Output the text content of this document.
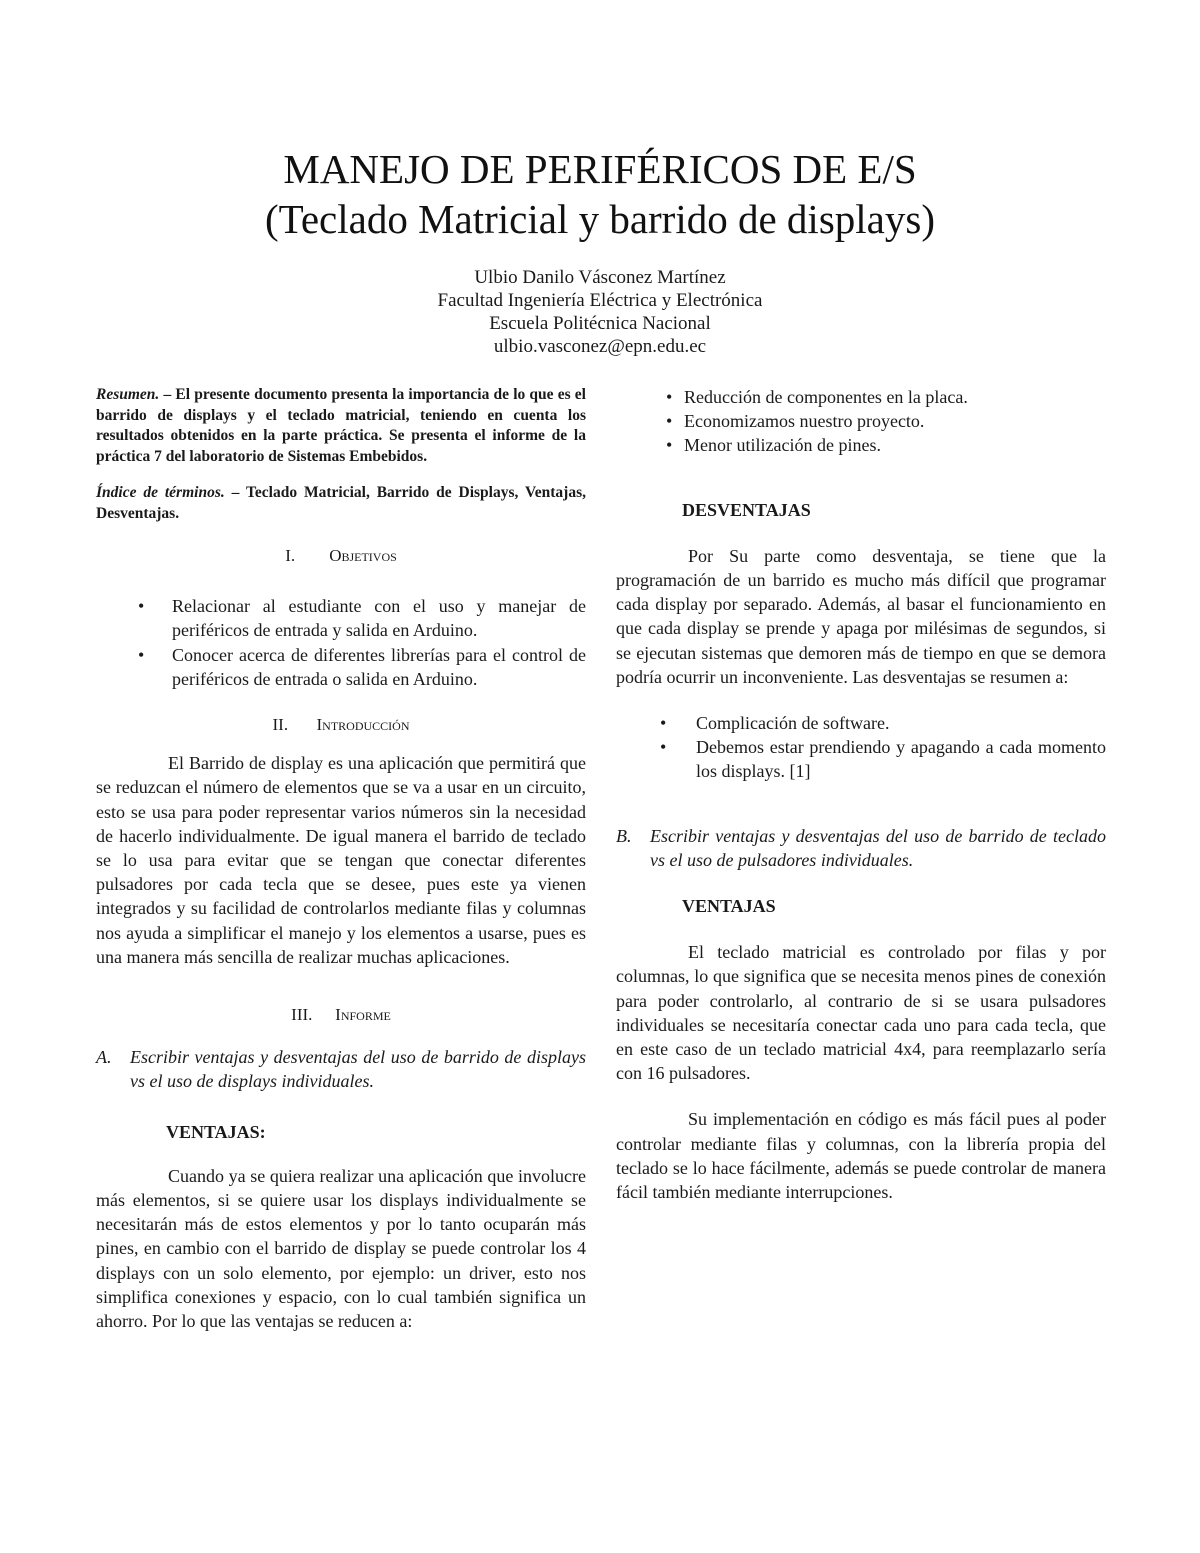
MANEJO DE PERIFÉRICOS DE E/S
(Teclado Matricial y barrido de displays)
Ulbio Danilo Vásconez Martínez
Facultad Ingeniería Eléctrica y Electrónica
Escuela Politécnica Nacional
ulbio.vasconez@epn.edu.ec

Resumen. – El presente documento presenta la importancia de lo que es el barrido de displays y el teclado matricial, teniendo en cuenta los resultados obtenidos en la parte práctica. Se presenta el informe de la práctica 7 del laboratorio de Sistemas Embebidos.

Índice de términos. – Teclado Matricial, Barrido de Displays, Ventajas, Desventajas.

I. Objetivos

• Relacionar al estudiante con el uso y manejar de periféricos de entrada y salida en Arduino.
• Conocer acerca de diferentes librerías para el control de periféricos de entrada o salida en Arduino.

II. Introducción

El Barrido de display es una aplicación que permitirá que se reduzcan el número de elementos que se va a usar en un circuito, esto se usa para poder representar varios números sin la necesidad de hacerlo individualmente. De igual manera el barrido de teclado se lo usa para evitar que se tengan que conectar diferentes pulsadores por cada tecla que se desee, pues este ya vienen integrados y su facilidad de controlarlos mediante filas y columnas nos ayuda a simplificar el manejo y los elementos a usarse, pues es una manera más sencilla de realizar muchas aplicaciones.

III. Informe

A. Escribir ventajas y desventajas del uso de barrido de displays vs el uso de displays individuales.

VENTAJAS:

Cuando ya se quiera realizar una aplicación que involucre más elementos, si se quiere usar los displays individualmente se necesitarán más de estos elementos y por lo tanto ocuparán más pines, en cambio con el barrido de display se puede controlar los 4 displays con un solo elemento, por ejemplo: un driver, esto nos simplifica conexiones y espacio, con lo cual también significa un ahorro. Por lo que las ventajas se reducen a:

• Reducción de componentes en la placa.
• Economizamos nuestro proyecto.
• Menor utilización de pines.

DESVENTAJAS

Por Su parte como desventaja, se tiene que la programación de un barrido es mucho más difícil que programar cada display por separado. Además, al basar el funcionamiento en que cada display se prende y apaga por milésimas de segundos, si se ejecutan sistemas que demoren más de tiempo en que se demora podría ocurrir un inconveniente. Las desventajas se resumen a:

• Complicación de software.
• Debemos estar prendiendo y apagando a cada momento los displays. [1]

B. Escribir ventajas y desventajas del uso de barrido de teclado vs el uso de pulsadores individuales.

VENTAJAS

El teclado matricial es controlado por filas y por columnas, lo que significa que se necesita menos pines de conexión para poder controlarlo, al contrario de si se usara pulsadores individuales se necesitaría conectar cada uno para cada tecla, que en este caso de un teclado matricial 4x4, para reemplazarlo sería con 16 pulsadores.

Su implementación en código es más fácil pues al poder controlar mediante filas y columnas, con la librería propia del teclado se lo hace fácilmente, además se puede controlar de manera fácil también mediante interrupciones.
